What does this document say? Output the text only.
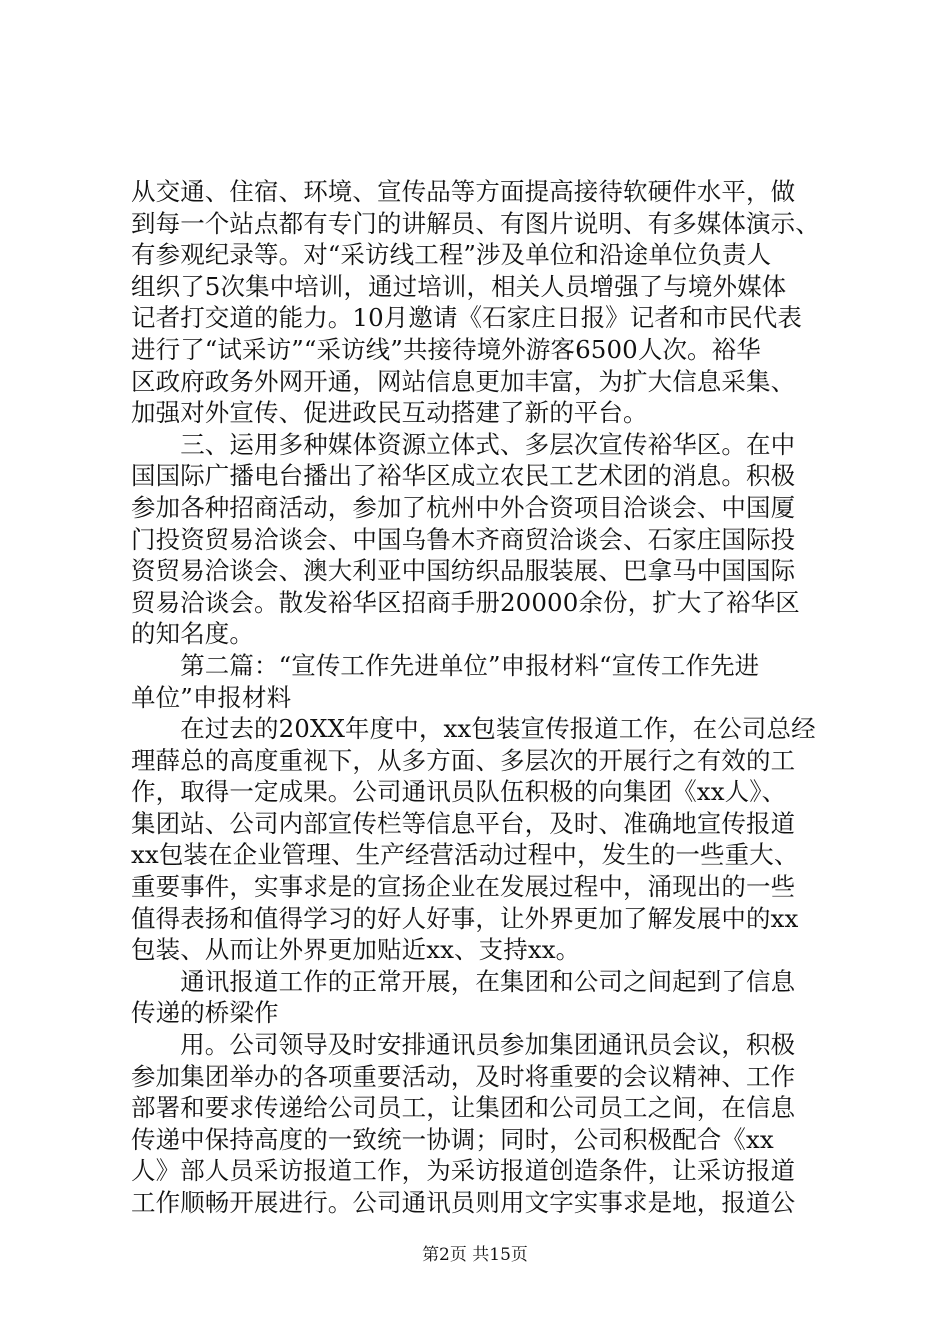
从交通、住宿、环境、宣传品等方面提高接待软硬件水平，做
到每一个站点都有专门的讲解员、有图片说明、有多媒体演示、
有参观纪录等。对“采访线工程”涉及单位和沿途单位负责人
组织了5次集中培训，通过培训，相关人员增强了与境外媒体
记者打交道的能力。10月邀请《石家庄日报》记者和市民代表
进行了“试采访”“采访线”共接待境外游客6500人次。裕华
区政府政务外网开通，网站信息更加丰富，为扩大信息采集、
加强对外宣传、促进政民互动搭建了新的平台。
　　三、运用多种媒体资源立体式、多层次宣传裕华区。在中
国国际广播电台播出了裕华区成立农民工艺术团的消息。积极
参加各种招商活动，参加了杭州中外合资项目洽谈会、中国厦
门投资贸易洽谈会、中国乌鲁木齐商贸洽谈会、石家庄国际投
资贸易洽谈会、澳大利亚中国纺织品服装展、巴拿马中国国际
贸易洽谈会。散发裕华区招商手册20000余份，扩大了裕华区
的知名度。
　　第二篇：“宣传工作先进单位”申报材料“宣传工作先进
单位”申报材料
　　在过去的20XX年度中，xx包装宣传报道工作，在公司总经
理薛总的高度重视下，从多方面、多层次的开展行之有效的工
作，取得一定成果。公司通讯员队伍积极的向集团《xx人》、
集团站、公司内部宣传栏等信息平台，及时、准确地宣传报道
xx包装在企业管理、生产经营活动过程中，发生的一些重大、
重要事件，实事求是的宣扬企业在发展过程中，涌现出的一些
值得表扬和值得学习的好人好事，让外界更加了解发展中的xx
包装、从而让外界更加贴近xx、支持xx。
　　通讯报道工作的正常开展，在集团和公司之间起到了信息
传递的桥梁作
　　用。公司领导及时安排通讯员参加集团通讯员会议，积极
参加集团举办的各项重要活动，及时将重要的会议精神、工作
部署和要求传递给公司员工，让集团和公司员工之间，在信息
传递中保持高度的一致统一协调；同时，公司积极配合《xx
人》部人员采访报道工作，为采访报道创造条件，让采访报道
工作顺畅开展进行。公司通讯员则用文字实事求是地，报道公
第2页 共15页
